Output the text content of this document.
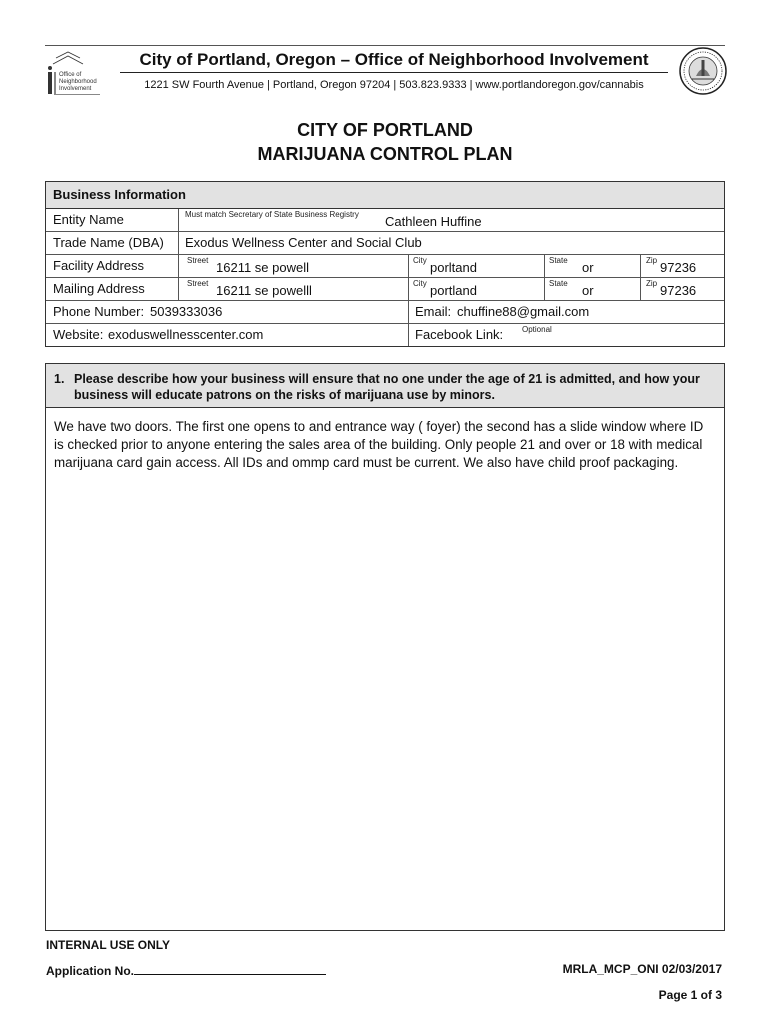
Office of Neighborhood Involvement
City of Portland, Oregon – Office of Neighborhood Involvement
1221 SW Fourth Avenue | Portland, Oregon 97204 | 503.823.9333 | www.portlandoregon.gov/cannabis
CITY OF PORTLAND
MARIJUANA CONTROL PLAN
Business Information
Entity Name	Must match Secretary of State Business Registry Cathleen Huffine
Trade Name (DBA) Exodus Wellness Center and Social Club
Facility Address	Street 16211 se powell	City porltand	State or	Zip 97236
Mailing Address	Street 16211 se powelll	City portland	State or	Zip 97236
Phone Number: 5039333036	Email: chuffine88@gmail.com
Website: exoduswellnesscenter.com	Facebook Link: Optional
1. Please describe how your business will ensure that no one under the age of 21 is admitted, and how your business will educate patrons on the risks of marijuana use by minors.
We have two doors. The first one opens to and entrance way ( foyer) the second has a slide window where ID is checked prior to anyone entering the sales area of the building. Only people 21 and over or 18 with medical marijuana card gain access. All IDs and ommp card must be current. We also have child proof packaging.
INTERNAL USE ONLY
Application No.	MRLA_MCP_ONI 02/03/2017
Page 1 of 3
